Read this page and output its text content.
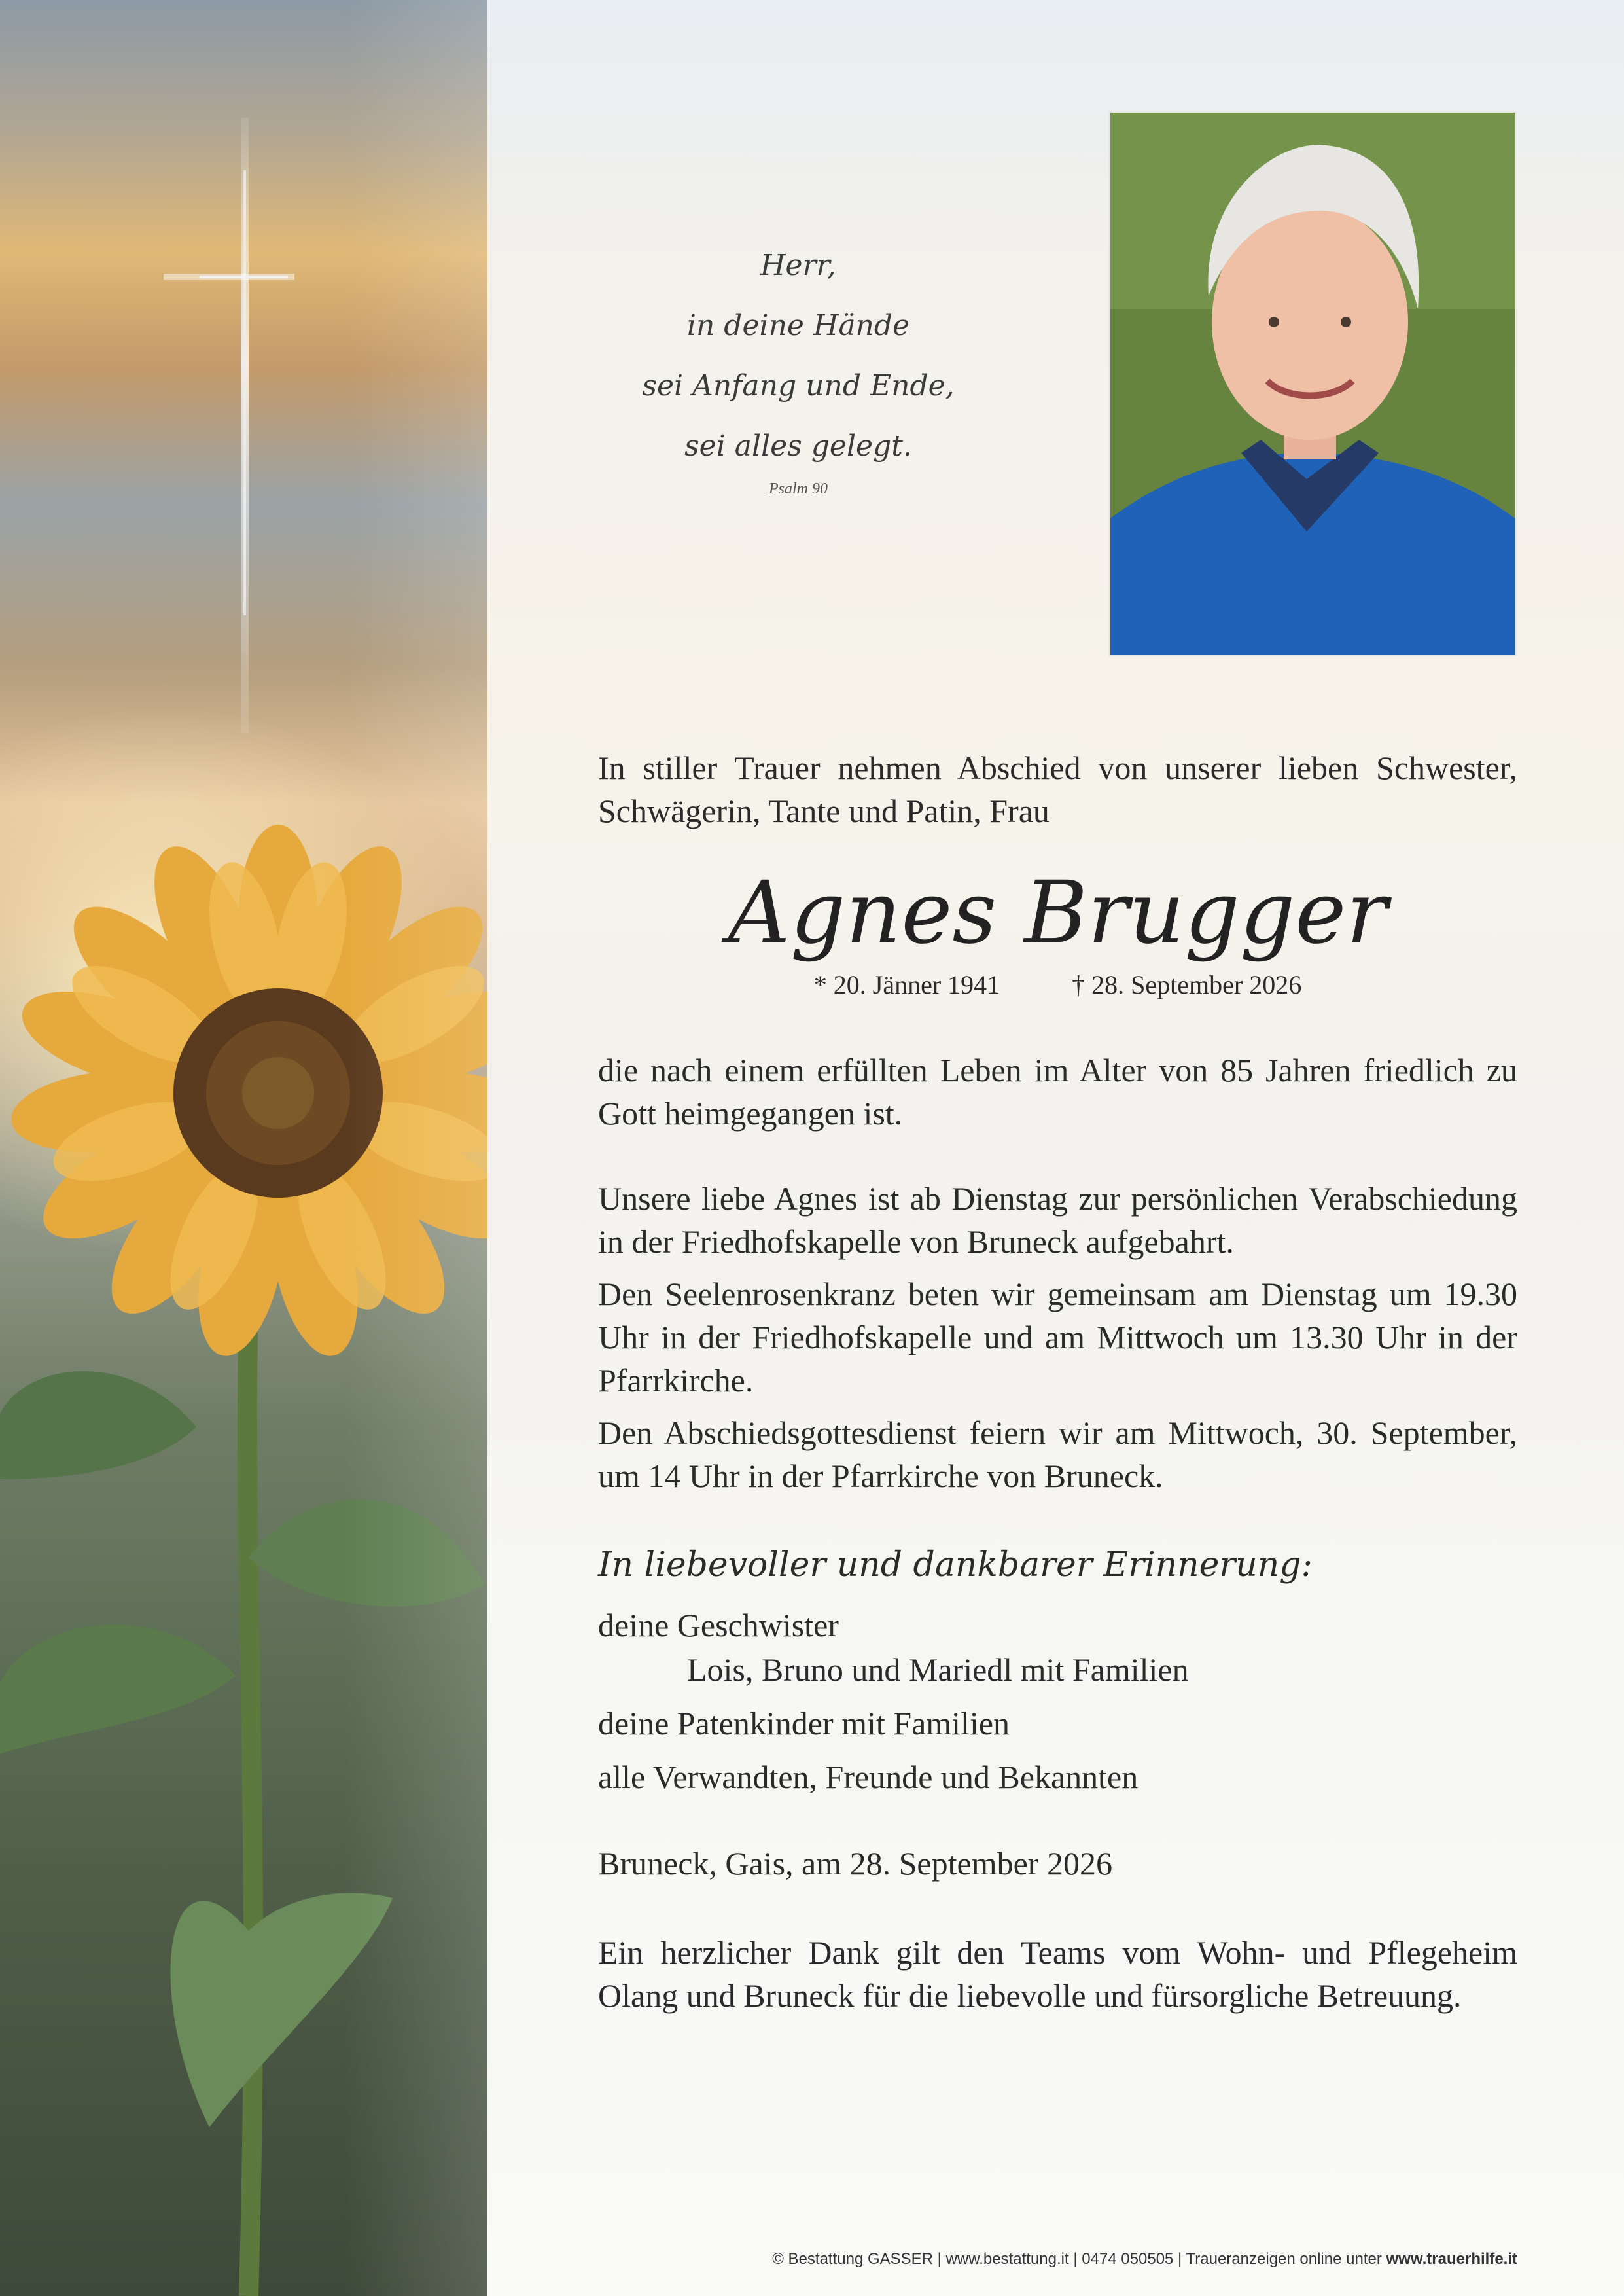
Herr,
in deine Hände
sei Anfang und Ende,
sei alles gelegt.
Psalm 90
In stiller Trauer nehmen Abschied von unserer lieben Schwester, Schwägerin, Tante und Patin, Frau
Agnes Brugger
* 20. Jänner 1941	† 28. September 2026
die nach einem erfüllten Leben im Alter von 85 Jahren friedlich zu Gott heimgegangen ist.
Unsere liebe Agnes ist ab Dienstag zur persönlichen Verabschiedung in der Friedhofskapelle von Bruneck aufgebahrt.
Den Seelenrosenkranz beten wir gemeinsam am Dienstag um 19.30 Uhr in der Friedhofskapelle und am Mittwoch um 13.30 Uhr in der Pfarrkirche.
Den Abschiedsgottesdienst feiern wir am Mittwoch, 30. September, um 14 Uhr in der Pfarrkirche von Bruneck.
In liebevoller und dankbarer Erinnerung:
deine Geschwister
Lois, Bruno und Mariedl mit Familien
deine Patenkinder mit Familien
alle Verwandten, Freunde und Bekannten
Bruneck, Gais, am 28. September 2026
Ein herzlicher Dank gilt den Teams vom Wohn- und Pflegeheim Olang und Bruneck für die liebevolle und fürsorgliche Betreuung.
© Bestattung GASSER | www.bestattung.it | 0474 050505 | Traueranzeigen online unter www.trauerhilfe.it
